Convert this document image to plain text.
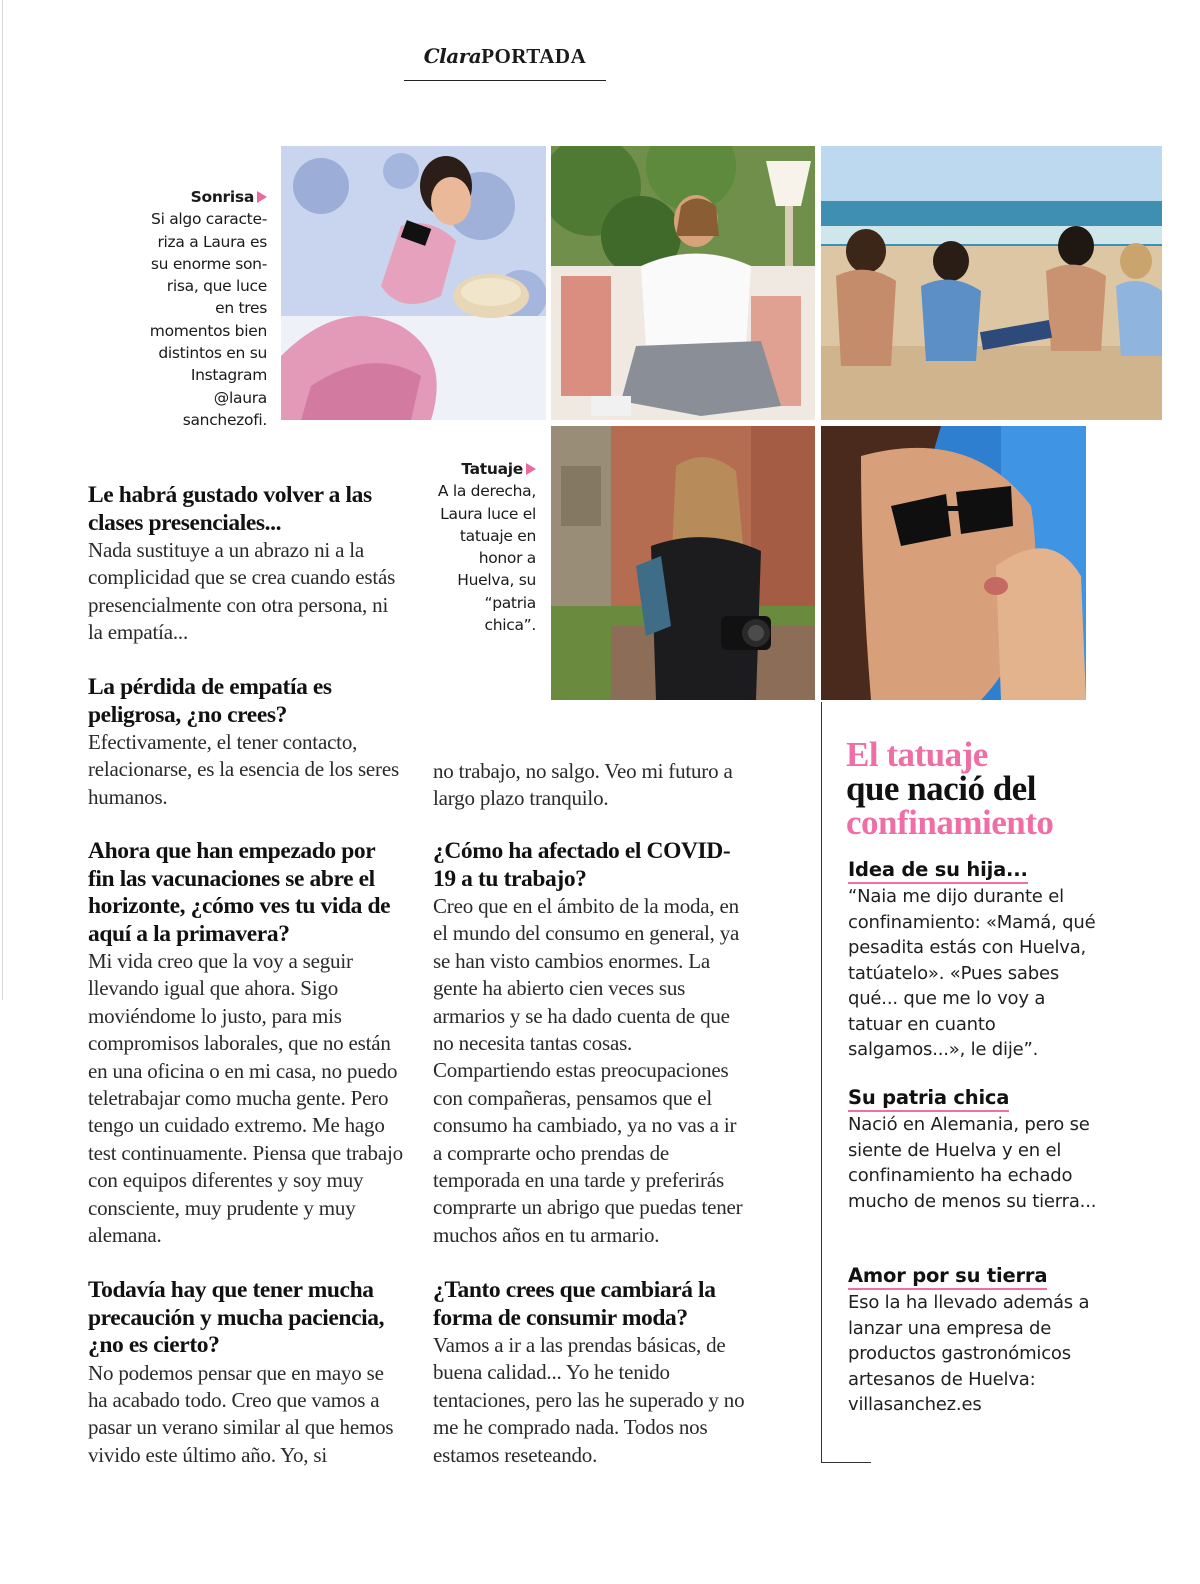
ClaraPORTADA
Sonrisa
Si algo caracte-riza a Laura es su enorme son-risa, que luce en tres momentos bien distintos en su Instagram @laura sanchezofi.
Tatuaje
A la derecha, Laura luce el tatuaje en honor a Huelva, su “patria chica”.

Le habrá gustado volver a las clases presenciales...

Nada sustituye a un abrazo ni a la complicidad que se crea cuando estás presencialmente con otra persona, ni la empatía...

La pérdida de empatía es peligrosa, ¿no crees?

Efectivamente, el tener contacto, relacionarse, es la esencia de los seres humanos.

Ahora que han empezado por fin las vacunaciones se abre el horizonte, ¿cómo ves tu vida de aquí a la primavera?

Mi vida creo que la voy a seguir llevando igual que ahora. Sigo moviéndome lo justo, para mis compromisos laborales, que no están en una oficina o en mi casa, no puedo teletrabajar como mucha gente. Pero tengo un cuidado extremo. Me hago test continuamente. Piensa que trabajo con equipos diferentes y soy muy consciente, muy prudente y muy alemana.

Todavía hay que tener mucha precaución y mucha paciencia, ¿no es cierto?

No podemos pensar que en mayo se ha acabado todo. Creo que vamos a pasar un verano similar al que hemos vivido este último año. Yo, si

no trabajo, no salgo. Veo mi futuro a largo plazo tranquilo.

¿Cómo ha afectado el COVID-19 a tu trabajo?

Creo que en el ámbito de la moda, en el mundo del consumo en general, ya se han visto cambios enormes. La gente ha abierto cien veces sus armarios y se ha dado cuenta de que no necesita tantas cosas. Compartiendo estas preocupaciones con compañeras, pensamos que el consumo ha cambiado, ya no vas a ir a comprarte ocho prendas de temporada en una tarde y preferirás comprarte un abrigo que puedas tener muchos años en tu armario.

¿Tanto crees que cambiará la forma de consumir moda?

Vamos a ir a las prendas básicas, de buena calidad... Yo he tenido tentaciones, pero las he superado y no me he comprado nada. Todos nos estamos reseteando.

El tatuaje
que nació del
confinamiento
Idea de su hija...
“Naia me dijo durante el confinamiento: «Mamá, qué pesadita estás con Huelva, tatúatelo». «Pues sabes qué... que me lo voy a tatuar en cuanto salgamos...», le dije”.
Su patria chica
Nació en Alemania, pero se siente de Huelva y en el confinamiento ha echado mucho de menos su tierra...
Amor por su tierra
Eso la ha llevado además a lanzar una empresa de productos gastronómicos artesanos de Huelva: villasanchez.es
